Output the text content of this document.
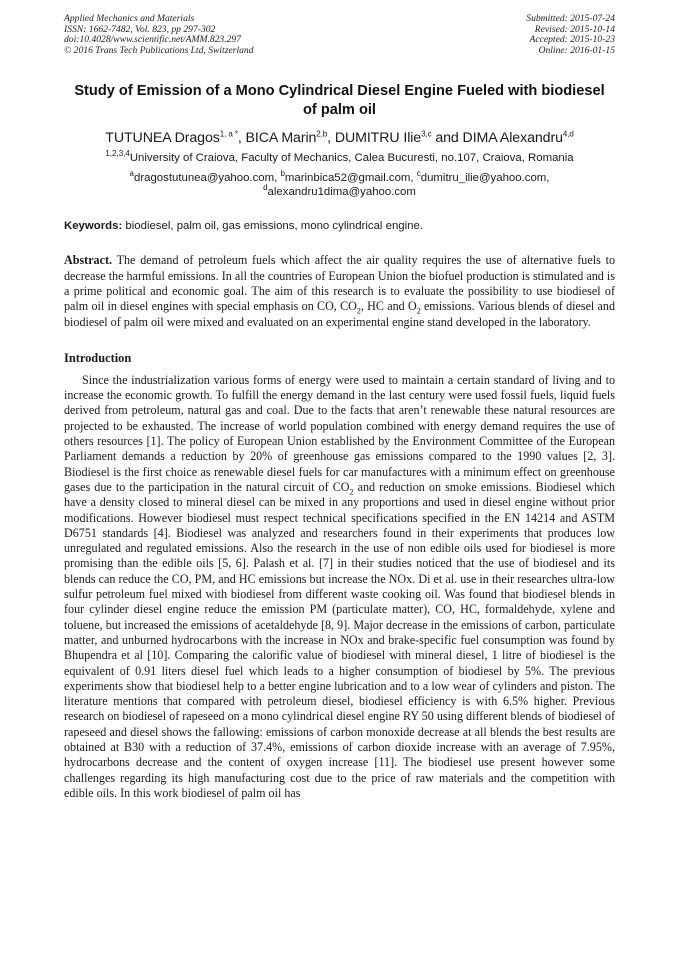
Applied Mechanics and Materials
ISSN: 1662-7482, Vol. 823, pp 297-302
doi:10.4028/www.scientific.net/AMM.823.297
© 2016 Trans Tech Publications Ltd, Switzerland
Submitted: 2015-07-24
Revised: 2015-10-14
Accepted: 2015-10-23
Online: 2016-01-15
Study of Emission of a Mono Cylindrical Diesel Engine Fueled with biodiesel of palm oil
TUTUNEA Dragos$^{1, a *}$, BICA Marin$^{2,b}$, DUMITRU Ilie$^{3,c}$ and DIMA Alexandru$^{4,d}$
$^{1,2,3,4}$University of Craiova, Faculty of Mechanics, Calea Bucuresti, no.107, Craiova, Romania
$^a$dragostutunea@yahoo.com, $^b$marinbica52@gmail.com, $^c$dumitru_ilie@yahoo.com,
$^d$alexandru1dima@yahoo.com
Keywords: biodiesel, palm oil, gas emissions, mono cylindrical engine.

Abstract. The demand of petroleum fuels which affect the air quality requires the use of alternative fuels to decrease the harmful emissions. In all the countries of European Union the biofuel production is stimulated and is a prime political and economic goal. The aim of this research is to evaluate the possibility to use biodiesel of palm oil in diesel engines with special emphasis on CO, $CO_2$, HC and $O_2$ emissions. Various blends of diesel and biodiesel of palm oil were mixed and evaluated on an experimental engine stand developed in the laboratory.

Introduction

Since the industrialization various forms of energy were used to maintain a certain standard of living and to increase the economic growth. To fulfill the energy demand in the last century were used fossil fuels, liquid fuels derived from petroleum, natural gas and coal. Due to the facts that aren’t renewable these natural resources are projected to be exhausted. The increase of world population combined with energy demand requires the use of others resources [1]. The policy of European Union established by the Environment Committee of the European Parliament demands a reduction by 20% of greenhouse gas emissions compared to the 1990 values [2, 3]. Biodiesel is the first choice as renewable diesel fuels for car manufactures with a minimum effect on greenhouse gases due to the participation in the natural circuit of $CO_2$ and reduction on smoke emissions. Biodiesel which have a density closed to mineral diesel can be mixed in any proportions and used in diesel engine without prior modifications. However biodiesel must respect technical specifications specified in the EN 14214 and ASTM D6751 standards [4]. Biodiesel was analyzed and researchers found in their experiments that produces low unregulated and regulated emissions. Also the research in the use of non edible oils used for biodiesel is more promising than the edible oils [5, 6]. Palash et al. [7] in their studies noticed that the use of biodiesel and its blends can reduce the CO, PM, and HC emissions but increase the NOx. Di et al. use in their researches ultra-low sulfur petroleum fuel mixed with biodiesel from different waste cooking oil. Was found that biodiesel blends in four cylinder diesel engine reduce the emission PM (particulate matter), CO, HC, formaldehyde, xylene and toluene, but increased the emissions of acetaldehyde [8, 9]. Major decrease in the emissions of carbon, particulate matter, and unburned hydrocarbons with the increase in NOx and brake-specific fuel consumption was found by Bhupendra et al [10]. Comparing the calorific value of biodiesel with mineral diesel, 1 litre of biodiesel is the equivalent of 0.91 liters diesel fuel which leads to a higher consumption of biodiesel by 5%. The previous experiments show that biodiesel help to a better engine lubrication and to a low wear of cylinders and piston. The literature mentions that compared with petroleum diesel, biodiesel efficiency is with 6.5% higher. Previous research on biodiesel of rapeseed on a mono cylindrical diesel engine RY 50 using different blends of biodiesel of rapeseed and diesel shows the fallowing: emissions of carbon monoxide decrease at all blends the best results are obtained at B30 with a reduction of 37.4%, emissions of carbon dioxide increase with an average of 7.95%, hydrocarbons decrease and the content of oxygen increase [11]. The biodiesel use present however some challenges regarding its high manufacturing cost due to the price of raw materials and the competition with edible oils. In this work biodiesel of palm oil has
